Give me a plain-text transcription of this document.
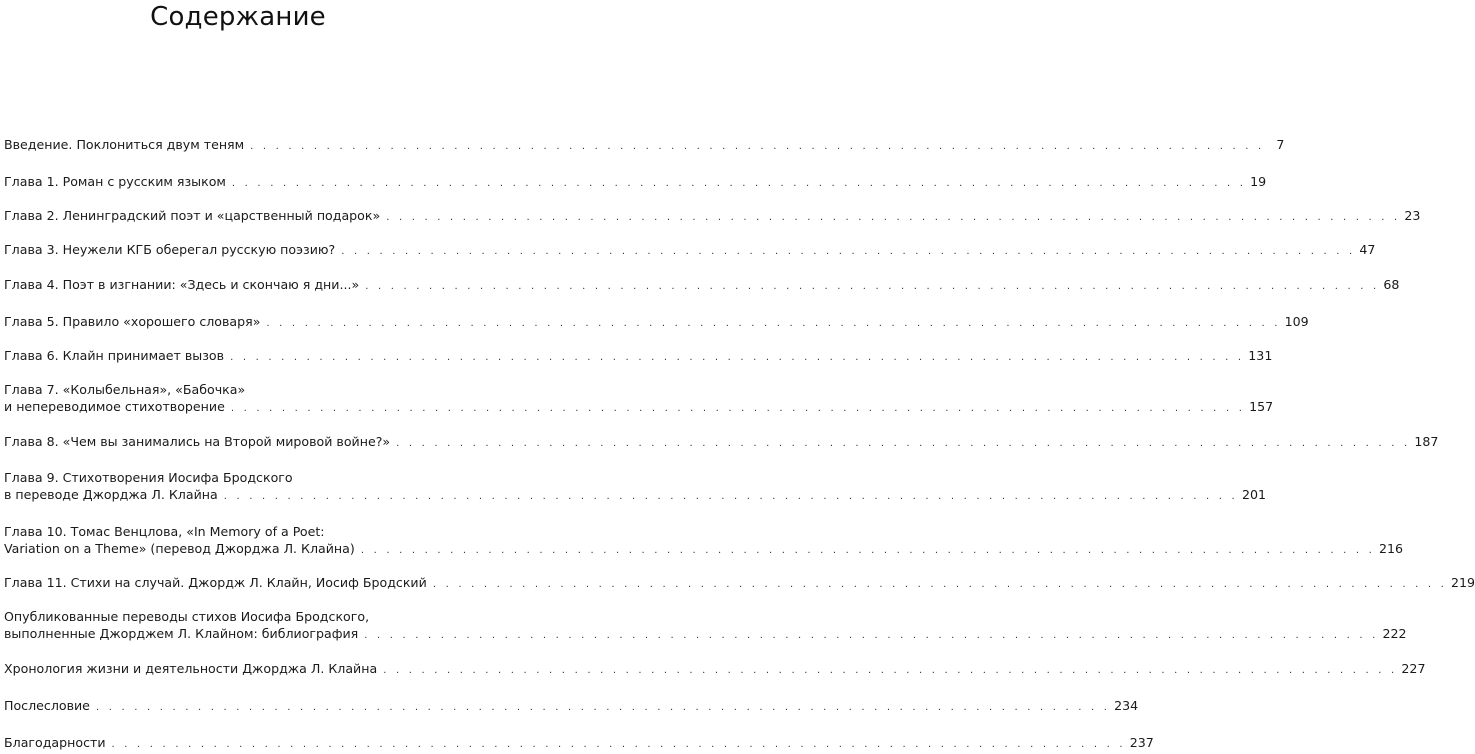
Содержание
Введение. Поклониться двум теням . . .	7
Глава 1. Роман с русским языком . . .	19
Глава 2. Ленинградский поэт и «царственный подарок» . . .	23
Глава 3. Неужели КГБ оберегал русскую поэзию? . . .	47
Глава 4. Поэт в изгнании: «Здесь и скончаю я дни...» . . .	68
Глава 5. Правило «хорошего словаря» . . .	109
Глава 6. Клайн принимает вызов . . .	131
Глава 7. «Колыбельная», «Бабочка»
и непереводимое стихотворение . . .	157
Глава 8. «Чем вы занимались на Второй мировой войне?» . . .	187
Глава 9. Стихотворения Иосифа Бродского
в переводе Джорджа Л. Клайна . . .	201
Глава 10. Томас Венцлова, «In Memory of a Poet:
Variation on a Theme» (перевод Джорджа Л. Клайна) . . .	216
Глава 11. Стихи на случай. Джордж Л. Клайн, Иосиф Бродский . . .	219
Опубликованные переводы стихов Иосифа Бродского,
выполненные Джорджем Л. Клайном: библиография . . .	222
Хронология жизни и деятельности Джорджа Л. Клайна . . .	227
Послесловие . . .	234
Благодарности . . .	237
